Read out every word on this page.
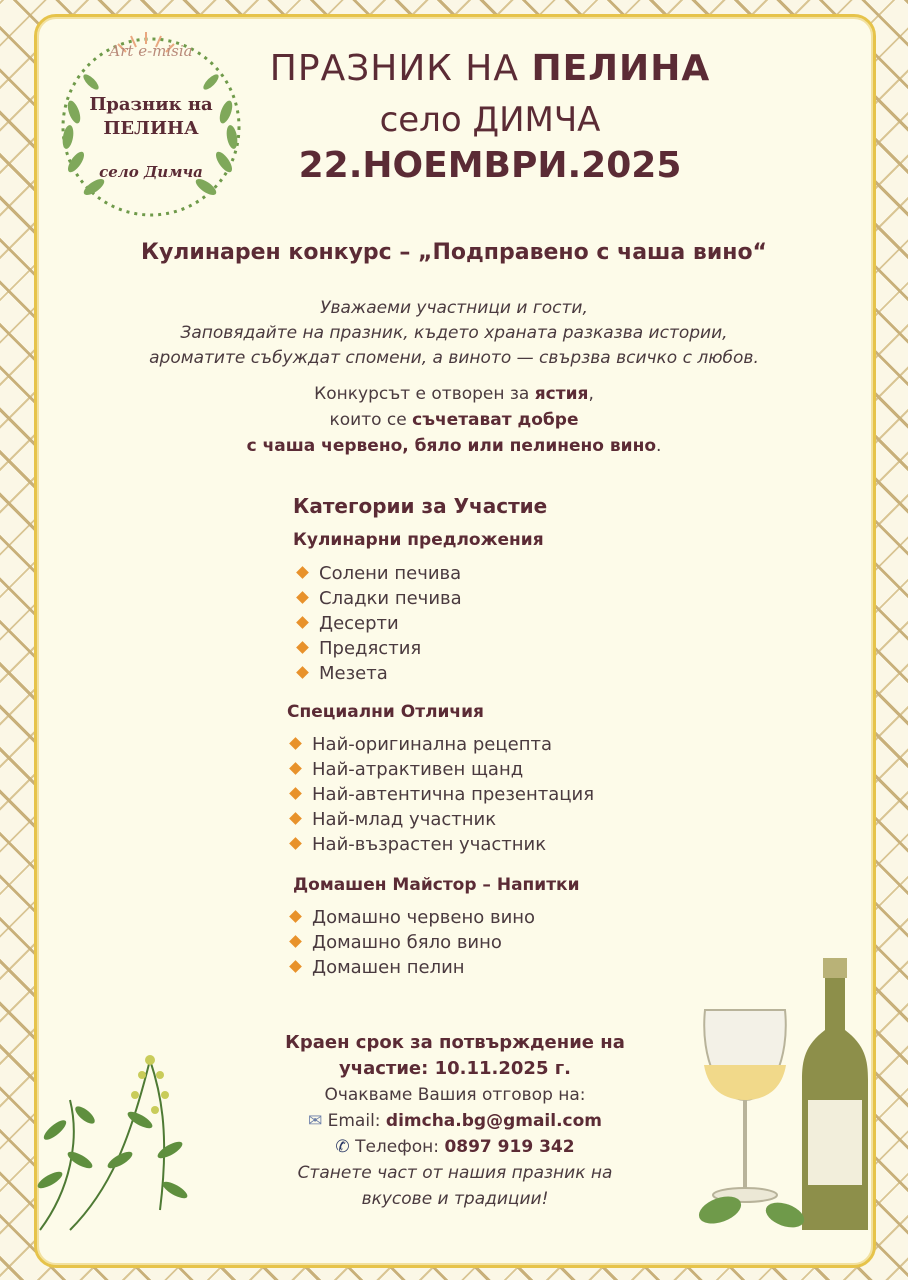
Art e-misia
Празник на
ПЕЛИНА
село Димча
ПРАЗНИК НА ПЕЛИНА
село ДИМЧА
22.НОЕМВРИ.2025
Кулинарен конкурс – „Подправено с чаша вино“
Уважаеми участници и гости,
Заповядайте на празник, където храната разказва истории,
ароматите събуждат спомени, а виното — свързва всичко с любов.
Конкурсът е отворен за ястия,
които се съчетават добре
с чаша червено, бяло или пелинено вино.
Категории за Участие
Кулинарни предложения
Солени печива
Сладки печива
Десерти
Предястия
Мезета
Специални Отличия
Най-оригинална рецепта
Най-атрактивен щанд
Най-автентична презентация
Най-млад участник
Най-възрастен участник
Домашен Майстор – Напитки
Домашно червено вино
Домашно бяло вино
Домашен пелин
Краен срок за потвърждение на
участие: 10.11.2025 г.
Очакваме Вашия отговор на:
✉ Email: dimcha.bg@gmail.com
✆ Телефон: 0897 919 342
Станете част от нашия празник на
вкусове и традиции!
